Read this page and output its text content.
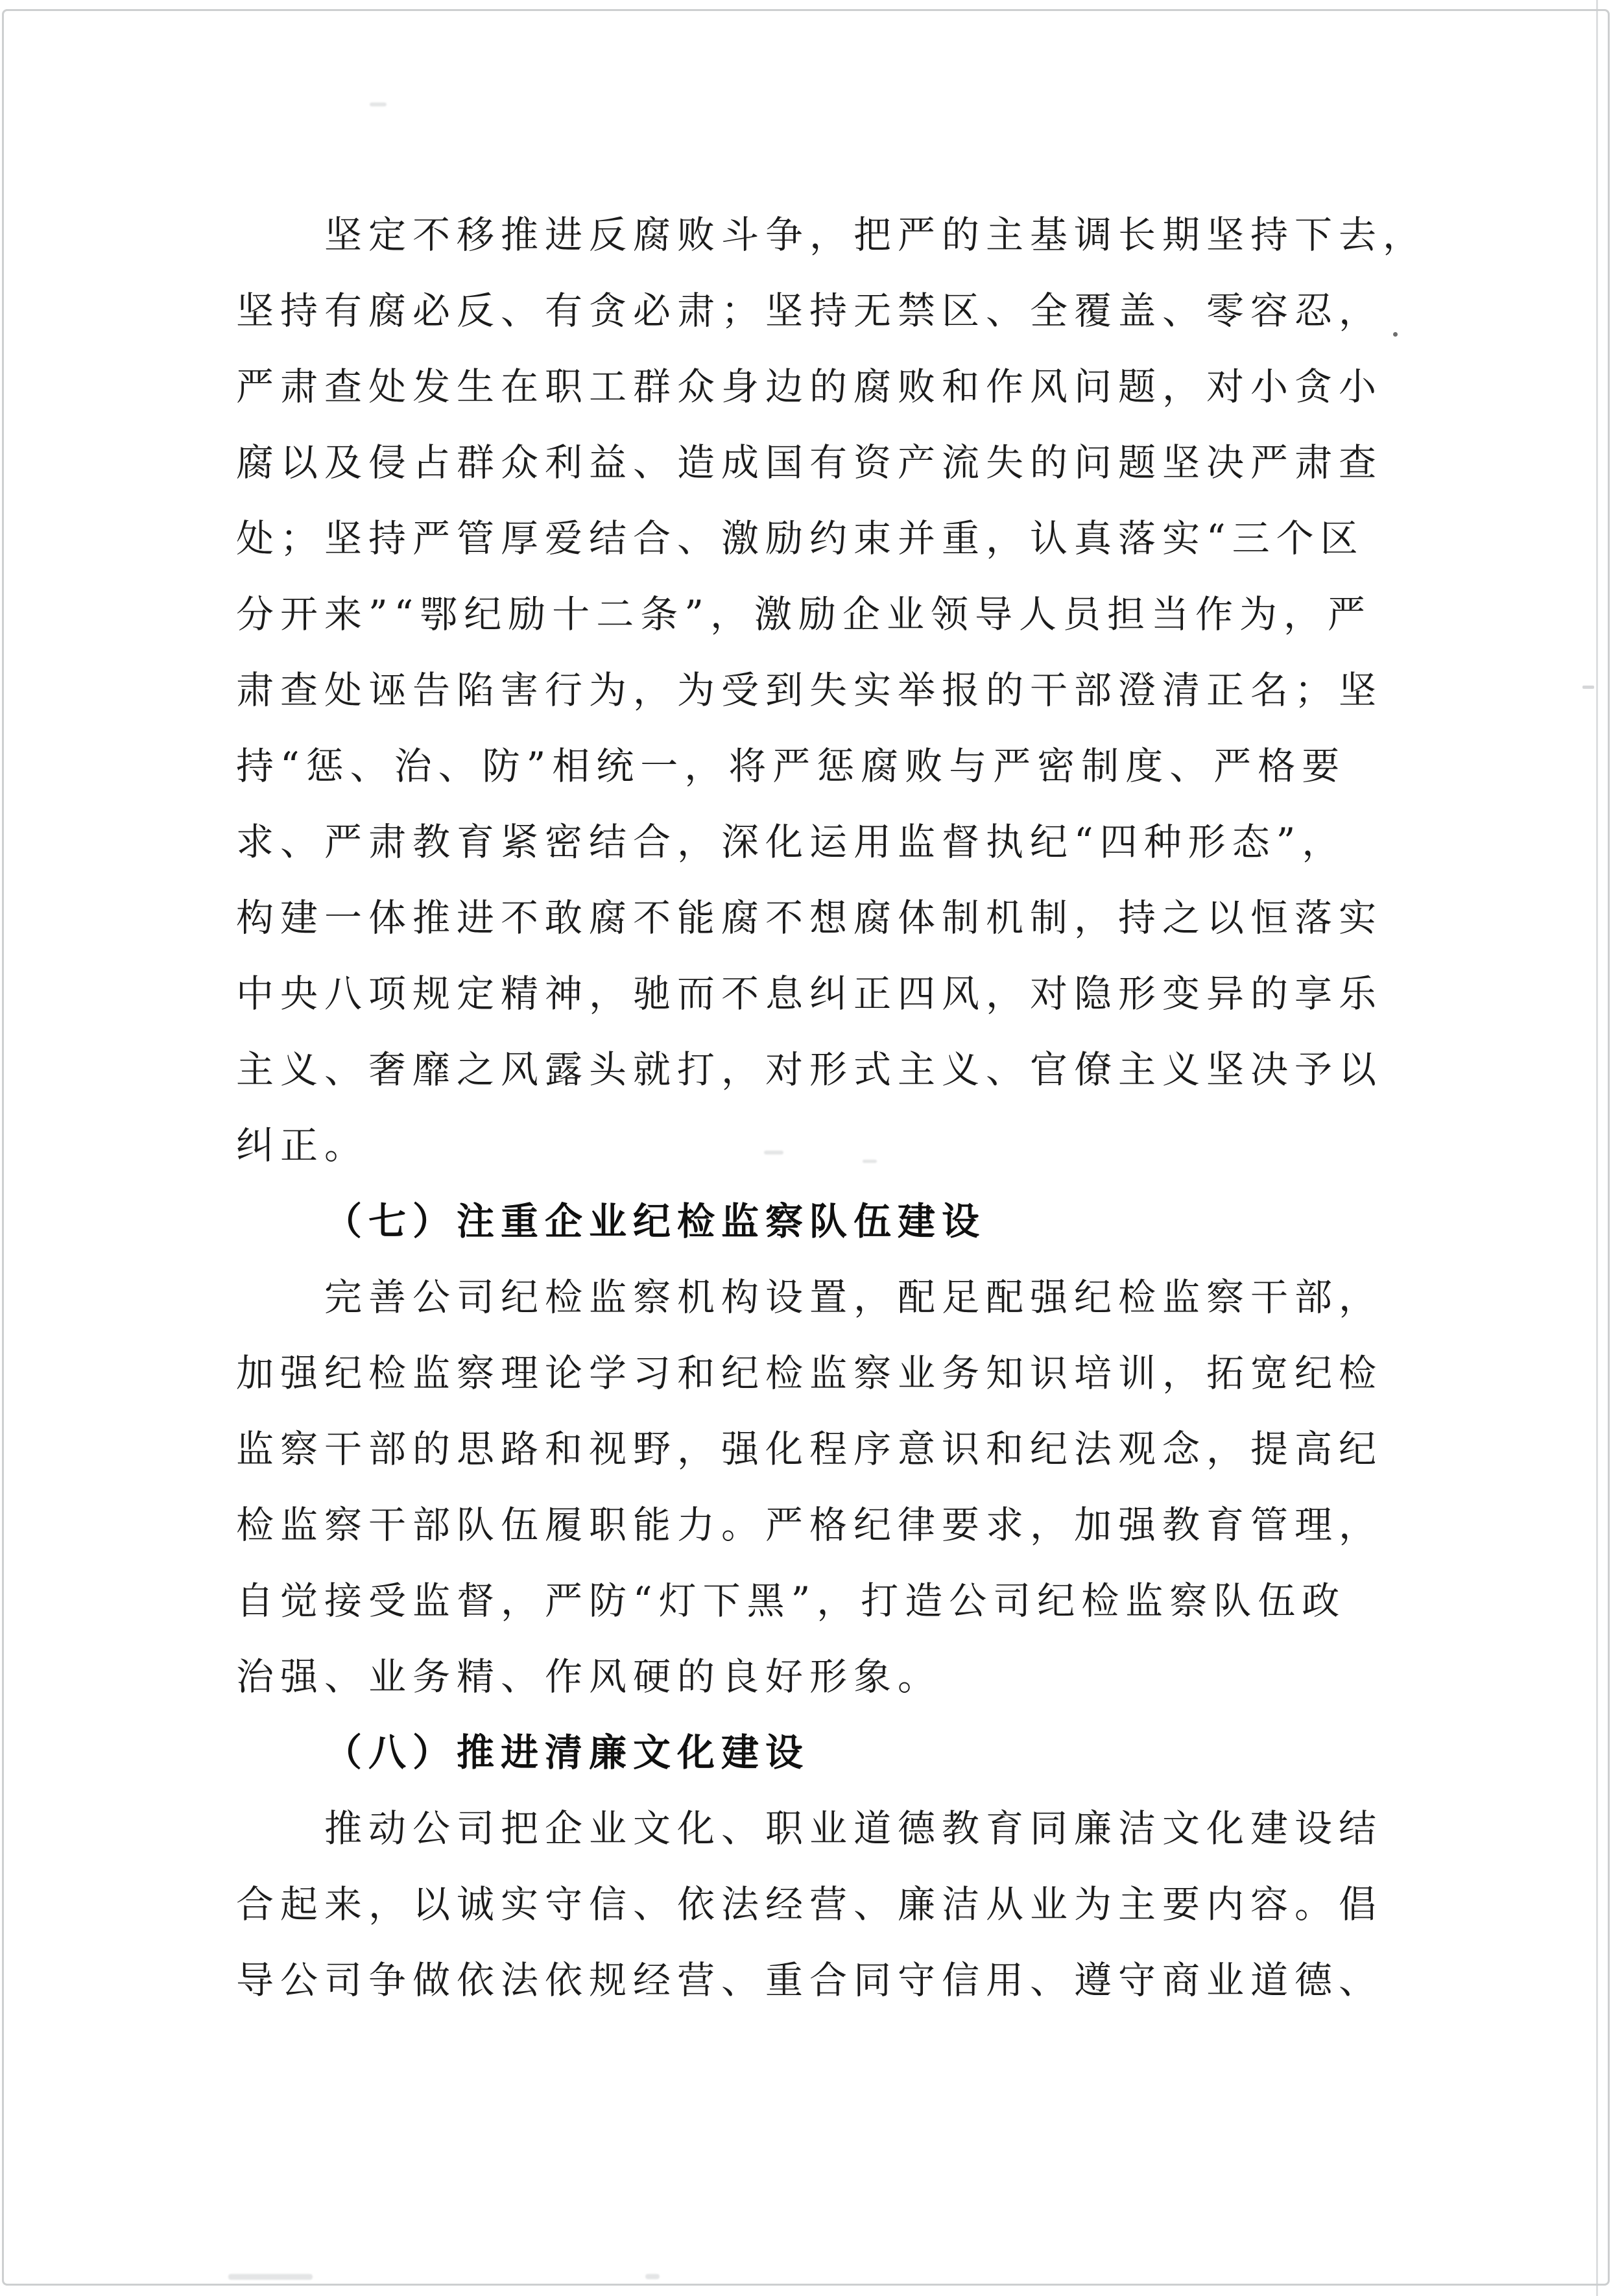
坚定不移推进反腐败斗争，把严的主基调长期坚持下去，
坚持有腐必反、有贪必肃；坚持无禁区、全覆盖、零容忍，
严肃查处发生在职工群众身边的腐败和作风问题，对小贪小
腐以及侵占群众利益、造成国有资产流失的问题坚决严肃查
处；坚持严管厚爱结合、激励约束并重，认真落实“三个区
分开来”“鄂纪励十二条”，激励企业领导人员担当作为，严
肃查处诬告陷害行为，为受到失实举报的干部澄清正名；坚
持“惩、治、防”相统一，将严惩腐败与严密制度、严格要
求、严肃教育紧密结合，深化运用监督执纪“四种形态”，
构建一体推进不敢腐不能腐不想腐体制机制，持之以恒落实
中央八项规定精神，驰而不息纠正四风，对隐形变异的享乐
主义、奢靡之风露头就打，对形式主义、官僚主义坚决予以
纠正。
（七）注重企业纪检监察队伍建设
完善公司纪检监察机构设置，配足配强纪检监察干部，
加强纪检监察理论学习和纪检监察业务知识培训，拓宽纪检
监察干部的思路和视野，强化程序意识和纪法观念，提高纪
检监察干部队伍履职能力。严格纪律要求，加强教育管理，
自觉接受监督，严防“灯下黑”，打造公司纪检监察队伍政
治强、业务精、作风硬的良好形象。
（八）推进清廉文化建设
推动公司把企业文化、职业道德教育同廉洁文化建设结
合起来，以诚实守信、依法经营、廉洁从业为主要内容。倡
导公司争做依法依规经营、重合同守信用、遵守商业道德、
